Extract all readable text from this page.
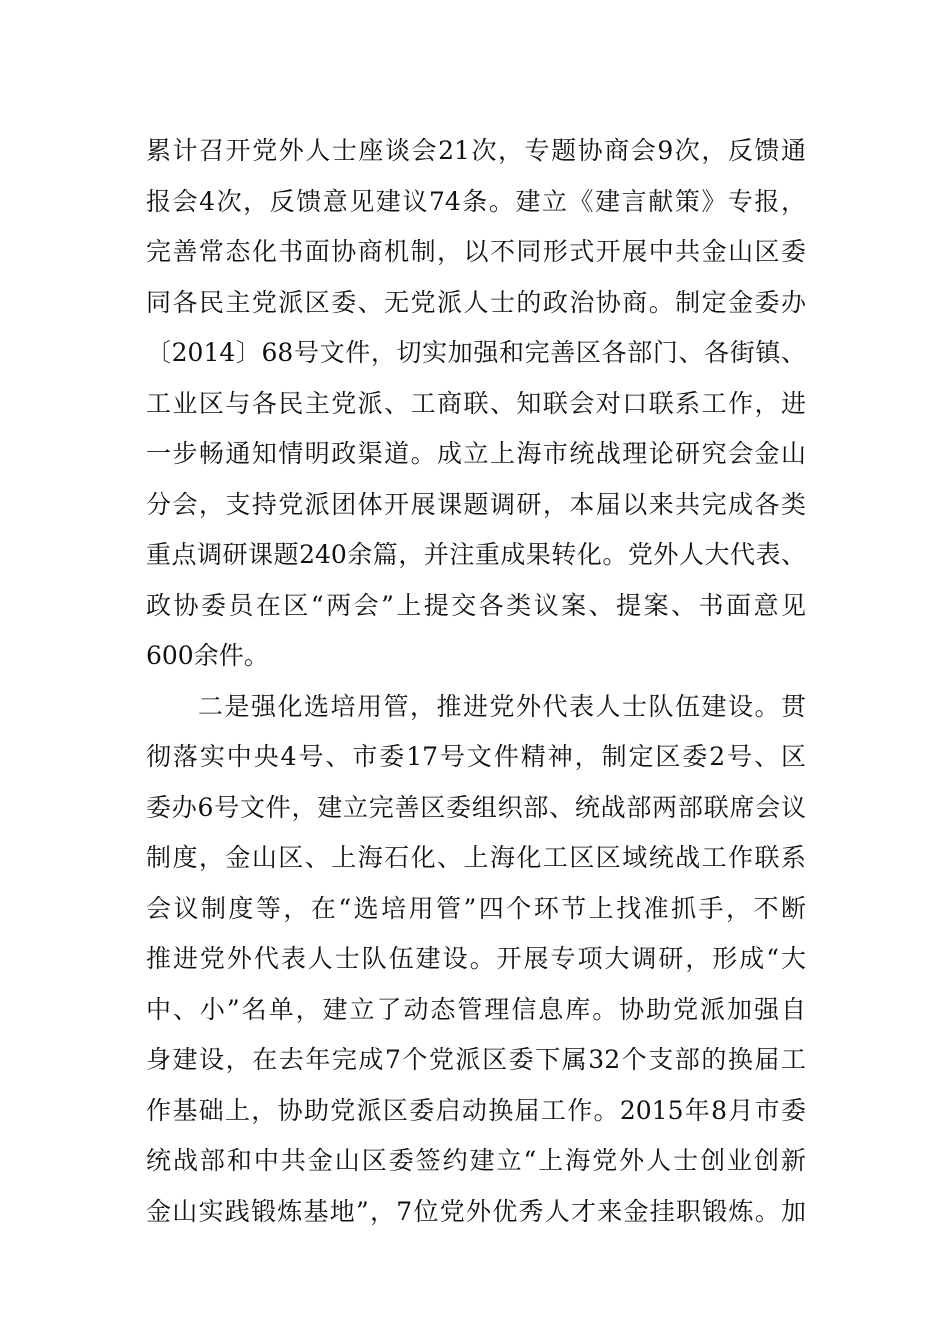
累计召开党外人士座谈会21次，专题协商会9次，反馈通
报会4次，反馈意见建议74条。建立《建言献策》专报，
完善常态化书面协商机制，以不同形式开展中共金山区委
同各民主党派区委、无党派人士的政治协商。制定金委办
〔2014〕68号文件，切实加强和完善区各部门、各街镇、
工业区与各民主党派、工商联、知联会对口联系工作，进
一步畅通知情明政渠道。成立上海市统战理论研究会金山
分会，支持党派团体开展课题调研，本届以来共完成各类
重点调研课题240余篇，并注重成果转化。党外人大代表、
政协委员在区“两会”上提交各类议案、提案、书面意见
600余件。
二是强化选培用管，推进党外代表人士队伍建设。贯
彻落实中央4号、市委17号文件精神，制定区委2号、区
委办6号文件，建立完善区委组织部、统战部两部联席会议
制度，金山区、上海石化、上海化工区区域统战工作联系
会议制度等，在“选培用管”四个环节上找准抓手，不断
推进党外代表人士队伍建设。开展专项大调研，形成“大
中、小”名单，建立了动态管理信息库。协助党派加强自
身建设，在去年完成7个党派区委下属32个支部的换届工
作基础上，协助党派区委启动换届工作。2015年8月市委
统战部和中共金山区委签约建立“上海党外人士创业创新
金山实践锻炼基地”，7位党外优秀人才来金挂职锻炼。加
